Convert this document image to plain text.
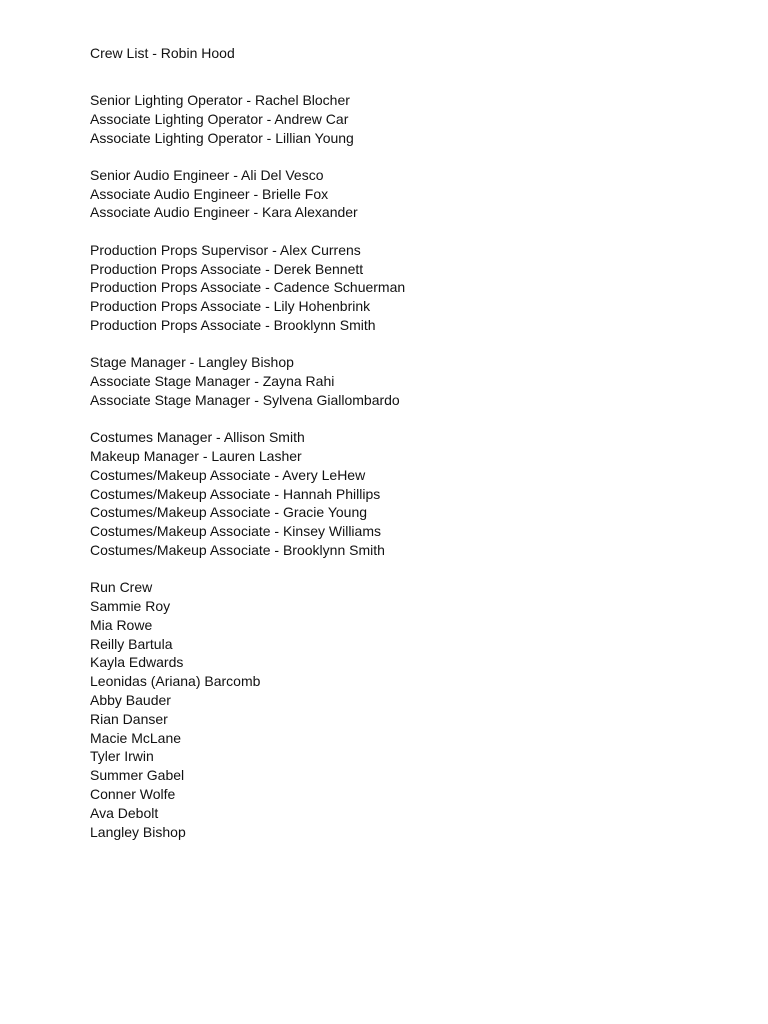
Crew List - Robin Hood
Senior Lighting Operator - Rachel Blocher
Associate Lighting Operator - Andrew Car
Associate Lighting Operator - Lillian Young
Senior Audio Engineer - Ali Del Vesco
Associate Audio Engineer - Brielle Fox
Associate Audio Engineer - Kara Alexander
Production Props Supervisor - Alex Currens
Production Props Associate - Derek Bennett
Production Props Associate - Cadence Schuerman
Production Props Associate - Lily Hohenbrink
Production Props Associate - Brooklynn Smith
Stage Manager - Langley Bishop
Associate Stage Manager - Zayna Rahi
Associate Stage Manager - Sylvena Giallombardo
Costumes Manager - Allison Smith
Makeup Manager - Lauren Lasher
Costumes/Makeup Associate - Avery LeHew
Costumes/Makeup Associate - Hannah Phillips
Costumes/Makeup Associate - Gracie Young
Costumes/Makeup Associate - Kinsey Williams
Costumes/Makeup Associate - Brooklynn Smith
Run Crew
Sammie Roy
Mia Rowe
Reilly Bartula
Kayla Edwards
Leonidas (Ariana) Barcomb
Abby Bauder
Rian Danser
Macie McLane
Tyler Irwin
Summer Gabel
Conner Wolfe
Ava Debolt
Langley Bishop
